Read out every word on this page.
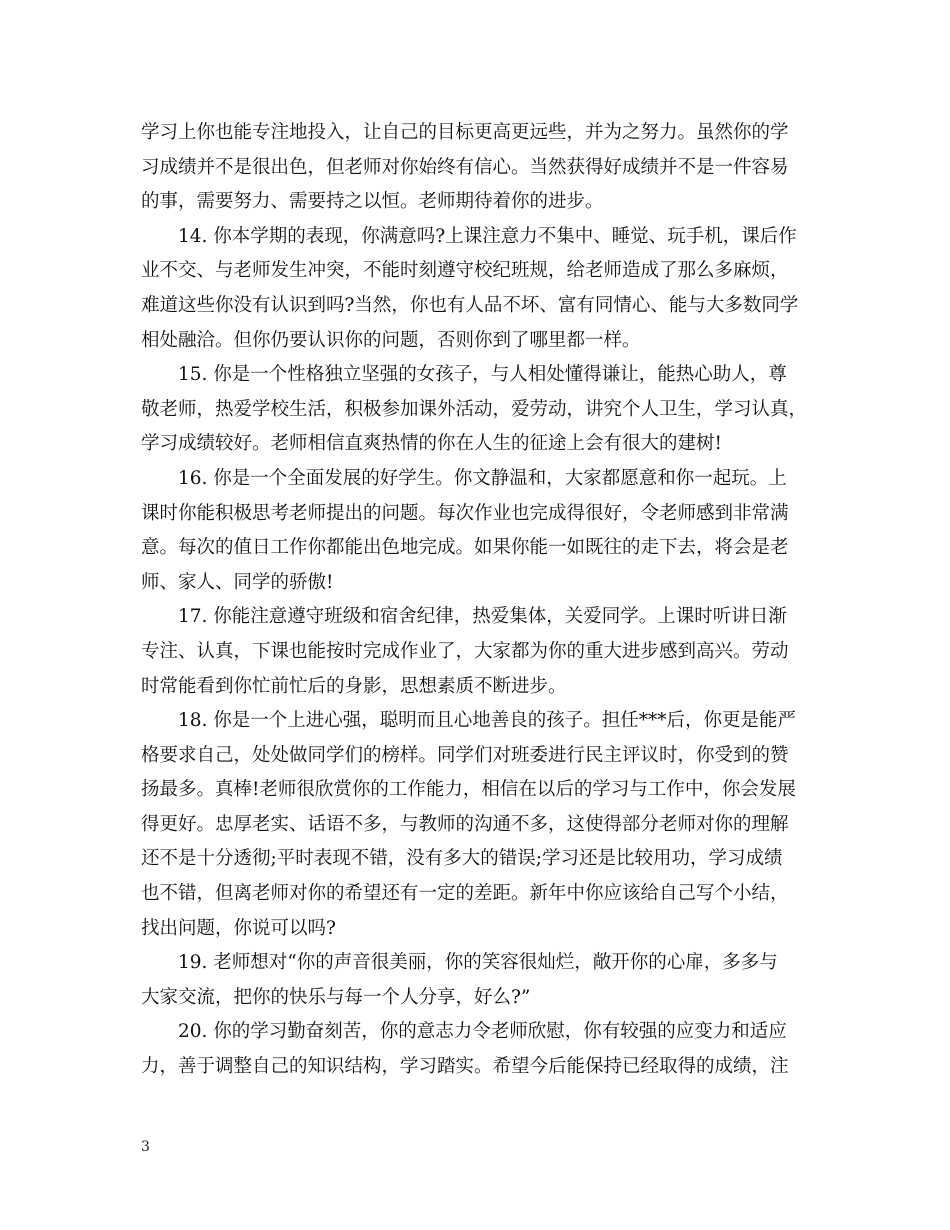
学习上你也能专注地投入，让自己的目标更高更远些，并为之努力。虽然你的学
习成绩并不是很出色，但老师对你始终有信心。当然获得好成绩并不是一件容易
的事，需要努力、需要持之以恒。老师期待着你的进步。
14. 你本学期的表现，你满意吗?上课注意力不集中、睡觉、玩手机，课后作
业不交、与老师发生冲突，不能时刻遵守校纪班规，给老师造成了那么多麻烦，
难道这些你没有认识到吗?当然，你也有人品不坏、富有同情心、能与大多数同学
相处融洽。但你仍要认识你的问题，否则你到了哪里都一样。
15. 你是一个性格独立坚强的女孩子，与人相处懂得谦让，能热心助人，尊
敬老师，热爱学校生活，积极参加课外活动，爱劳动，讲究个人卫生，学习认真，
学习成绩较好。老师相信直爽热情的你在人生的征途上会有很大的建树!
16. 你是一个全面发展的好学生。你文静温和，大家都愿意和你一起玩。上
课时你能积极思考老师提出的问题。每次作业也完成得很好，令老师感到非常满
意。每次的值日工作你都能出色地完成。如果你能一如既往的走下去，将会是老
师、家人、同学的骄傲!
17. 你能注意遵守班级和宿舍纪律，热爱集体，关爱同学。上课时听讲日渐
专注、认真，下课也能按时完成作业了，大家都为你的重大进步感到高兴。劳动
时常能看到你忙前忙后的身影，思想素质不断进步。
18. 你是一个上进心强，聪明而且心地善良的孩子。担任***后，你更是能严
格要求自己，处处做同学们的榜样。同学们对班委进行民主评议时，你受到的赞
扬最多。真棒!老师很欣赏你的工作能力，相信在以后的学习与工作中，你会发展
得更好。忠厚老实、话语不多，与教师的沟通不多，这使得部分老师对你的理解
还不是十分透彻;平时表现不错，没有多大的错误;学习还是比较用功，学习成绩
也不错，但离老师对你的希望还有一定的差距。新年中你应该给自己写个小结，
找出问题，你说可以吗?
19. 老师想对“你的声音很美丽，你的笑容很灿烂，敞开你的心扉，多多与
大家交流，把你的快乐与每一个人分享，好么?”
20. 你的学习勤奋刻苦，你的意志力令老师欣慰，你有较强的应变力和适应
力，善于调整自己的知识结构，学习踏实。希望今后能保持已经取得的成绩，注
3
